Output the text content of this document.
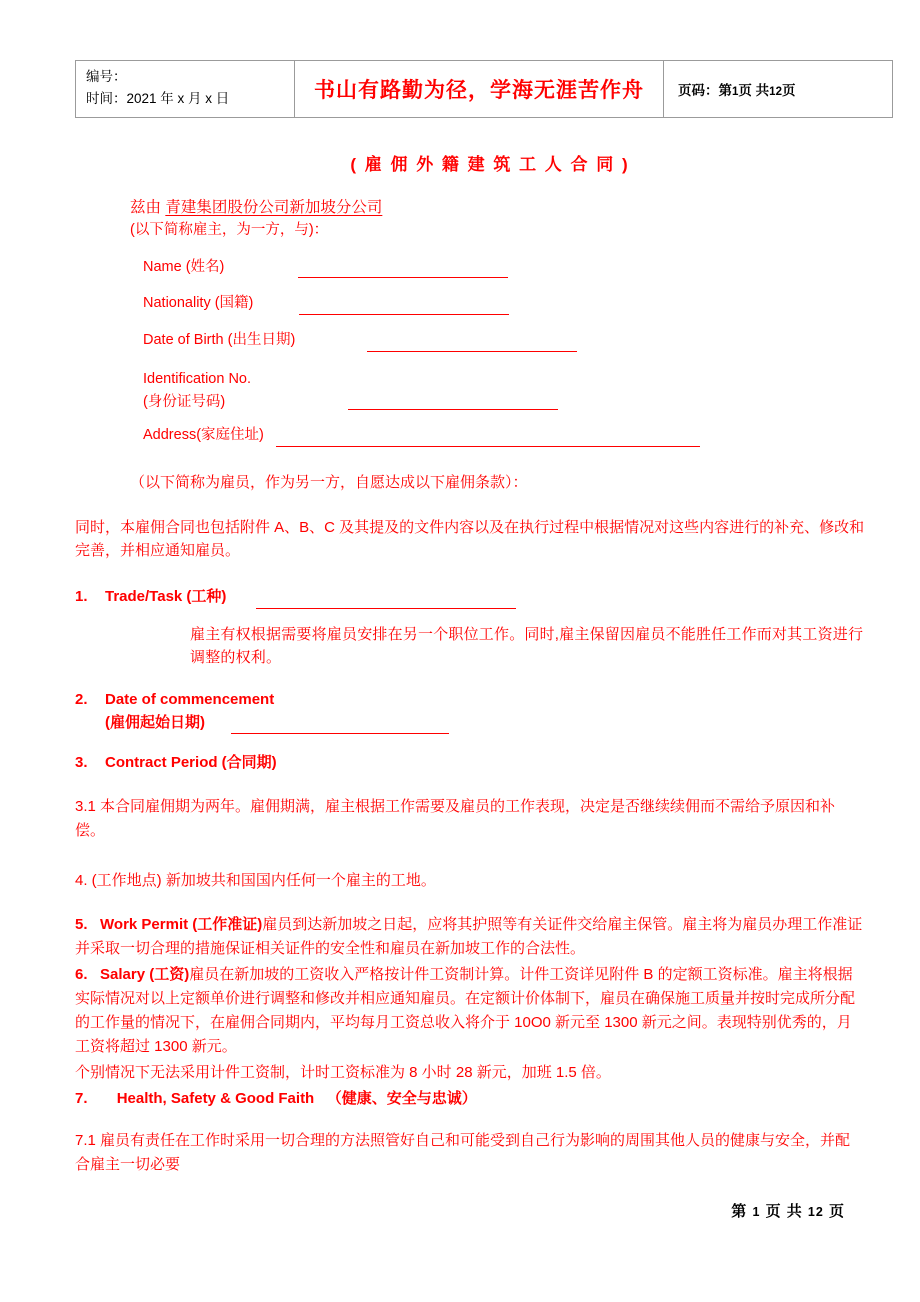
编号：
时间：2021 年 x 月 x 日	书山有路勤为径，学海无涯苦作舟	页码：第1页 共12页
( 雇 佣 外 籍 建 筑 工 人 合 同 )
兹由 青建集团股份公司新加坡分公司
(以下简称雇主，为一方，与)：
Name (姓名)
Nationality (国籍)
Date of Birth (出生日期)
Identification No.
(身份证号码)
Address(家庭住址)
（以下简称为雇员，作为另一方，自愿达成以下雇佣条款）：
同时，本雇佣合同也包括附件 A、B、C 及其提及的文件内容以及在执行过程中根据情况对这些内容进行的补充、修改和完善，并相应通知雇员。
1.	Trade/Task (工种)
雇主有权根据需要将雇员安排在另一个职位工作。同时,雇主保留因雇员不能胜任工作而对其工资进行调整的权利。
2.	Date of commencement
(雇佣起始日期)
3.	Contract Period (合同期)
3.1 本合同雇佣期为两年。雇佣期满，雇主根据工作需要及雇员的工作表现，决定是否继续续佣而不需给予原因和补偿。
4. (工作地点) 新加坡共和国国内任何一个雇主的工地。
5. Work Permit (工作准证)雇员到达新加坡之日起，应将其护照等有关证件交给雇主保管。雇主将为雇员办理工作准证并采取一切合理的措施保证相关证件的安全性和雇员在新加坡工作的合法性。
6. Salary (工资)雇员在新加坡的工资收入严格按计件工资制计算。计件工资详见附件 B 的定额工资标准。雇主将根据实际情况对以上定额单价进行调整和修改并相应通知雇员。在定额计价体制下，雇员在确保施工质量并按时完成所分配的工作量的情况下，在雇佣合同期内，平均每月工资总收入将介于 10O0 新元至 1300 新元之间。表现特别优秀的，月工资将超过 1300 新元。
个别情况下无法采用计件工资制，计时工资标准为 8 小时 28 新元，加班 1.5 倍。
7. Health, Safety & Good Faith （健康、安全与忠诚）
7.1 雇员有责任在工作时采用一切合理的方法照管好自己和可能受到自己行为影响的周围其他人员的健康与安全，并配合雇主一切必要
第 1 页 共 12 页
